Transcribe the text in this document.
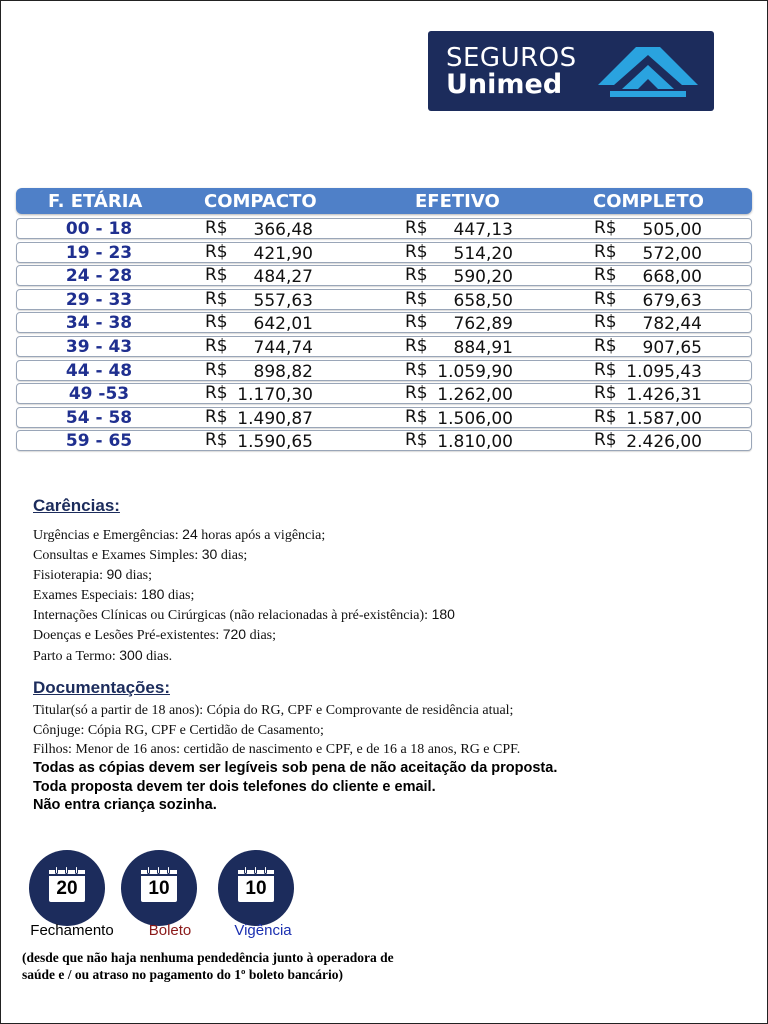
SEGUROS
Unimed
F. ETÁRIA	COMPACTO	EFETIVO	COMPLETO
00 - 18	R$	366,48	R$	447,13	R$	505,00
19 - 23	R$	421,90	R$	514,20	R$	572,00
24 - 28	R$	484,27	R$	590,20	R$	668,00
29 - 33	R$	557,63	R$	658,50	R$	679,63
34 - 38	R$	642,01	R$	762,89	R$	782,44
39 - 43	R$	744,74	R$	884,91	R$	907,65
44 - 48	R$	898,82	R$ 1.059,90	R$ 1.095,43
49 -53	R$ 1.170,30	R$ 1.262,00	R$ 1.426,31
54 - 58	R$ 1.490,87	R$ 1.506,00	R$ 1.587,00
59 - 65	R$ 1.590,65	R$ 1.810,00	R$ 2.426,00
Carências:
Urgências e Emergências: 24 horas após a vigência;
Consultas e Exames Simples: 30 dias;
Fisioterapia: 90 dias;
Exames Especiais: 180 dias;
Internações Clínicas ou Cirúrgicas (não relacionadas à pré-existência): 180
Doenças e Lesões Pré-existentes: 720 dias;
Parto a Termo: 300 dias.
Documentações:
Titular(só a partir de 18 anos): Cópia do RG, CPF e Comprovante de residência atual;
Cônjuge: Cópia RG, CPF e Certidão de Casamento;
Filhos: Menor de 16 anos: certidão de nascimento e CPF, e de 16 a 18 anos, RG e CPF.
Todas as cópias devem ser legíveis sob pena de não aceitação da proposta.
Toda proposta devem ter dois telefones do cliente e email.
Não entra criança sozinha.
20	10	10
Fechamento	Boleto	Vigência
(desde que não haja nenhuma pendedência junto à operadora de
saúde e / ou atraso no pagamento do 1º boleto bancário)
